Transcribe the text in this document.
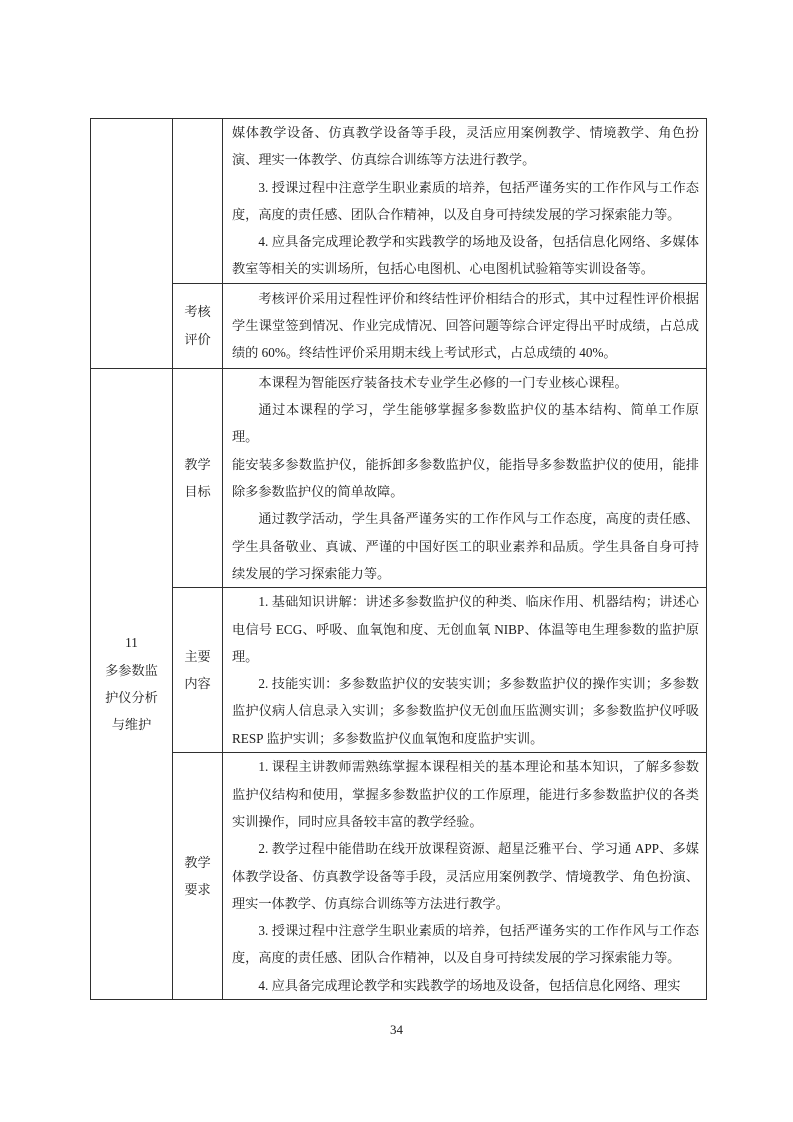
媒体教学设备、仿真教学设备等手段，灵活应用案例教学、情境教学、角色扮演、理实一体教学、仿真综合训练等方法进行教学。

3. 授课过程中注意学生职业素质的培养，包括严谨务实的工作作风与工作态度，高度的责任感、团队合作精神，以及自身可持续发展的学习探索能力等。

4. 应具备完成理论教学和实践教学的场地及设备，包括信息化网络、多媒体教室等相关的实训场所，包括心电图机、心电图机试验箱等实训设备等。

考核
评价

考核评价采用过程性评价和终结性评价相结合的形式，其中过程性评价根据学生课堂签到情况、作业完成情况、回答问题等综合评定得出平时成绩，占总成绩的 60%。终结性评价采用期末线上考试形式，占总成绩的 40%。

11
多参数监
护仪分析
与维护
教学
目标

本课程为智能医疗装备技术专业学生必修的一门专业核心课程。

通过本课程的学习，学生能够掌握多参数监护仪的基本结构、简单工作原理。

能安装多参数监护仪，能拆卸多参数监护仪，能指导多参数监护仪的使用，能排除多参数监护仪的简单故障。

通过教学活动，学生具备严谨务实的工作作风与工作态度，高度的责任感、学生具备敬业、真诚、严谨的中国好医工的职业素养和品质。学生具备自身可持续发展的学习探索能力等。

主要
内容

1. 基础知识讲解：讲述多参数监护仪的种类、临床作用、机器结构；讲述心电信号 ECG、呼吸、血氧饱和度、无创血氧 NIBP、体温等电生理参数的监护原理。

2. 技能实训：多参数监护仪的安装实训；多参数监护仪的操作实训；多参数监护仪病人信息录入实训；多参数监护仪无创血压监测实训；多参数监护仪呼吸 RESP 监护实训；多参数监护仪血氧饱和度监护实训。

教学
要求

1. 课程主讲教师需熟练掌握本课程相关的基本理论和基本知识，了解多参数监护仪结构和使用，掌握多参数监护仪的工作原理，能进行多参数监护仪的各类实训操作，同时应具备较丰富的教学经验。

2. 教学过程中能借助在线开放课程资源、超星泛雅平台、学习通 APP、多媒体教学设备、仿真教学设备等手段，灵活应用案例教学、情境教学、角色扮演、理实一体教学、仿真综合训练等方法进行教学。

3. 授课过程中注意学生职业素质的培养，包括严谨务实的工作作风与工作态度，高度的责任感、团队合作精神，以及自身可持续发展的学习探索能力等。

4. 应具备完成理论教学和实践教学的场地及设备，包括信息化网络、理实

34
